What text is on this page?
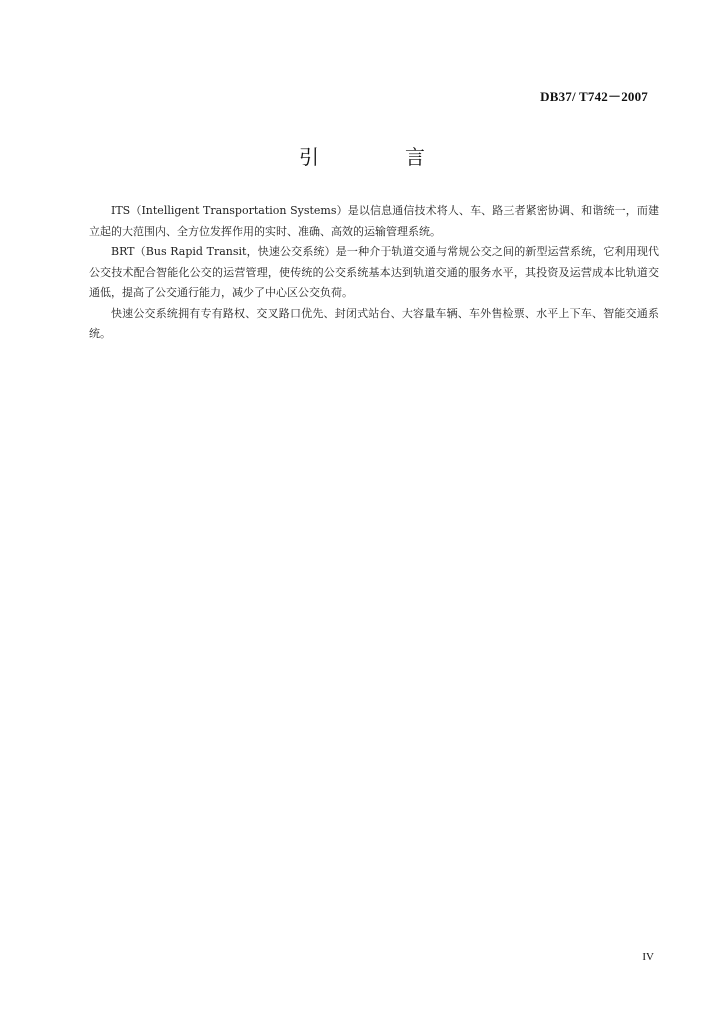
DB37/ T742－2007
引　言

ITS（Intelligent Transportation Systems）是以信息通信技术将人、车、路三者紧密协调、和谐统一，而建立起的大范围内、全方位发挥作用的实时、准确、高效的运输管理系统。

BRT（Bus Rapid Transit，快速公交系统）是一种介于轨道交通与常规公交之间的新型运营系统，它利用现代公交技术配合智能化公交的运营管理，使传统的公交系统基本达到轨道交通的服务水平，其投资及运营成本比轨道交通低，提高了公交通行能力，减少了中心区公交负荷。

快速公交系统拥有专有路权、交叉路口优先、封闭式站台、大容量车辆、车外售检票、水平上下车、智能交通系统。

IV
